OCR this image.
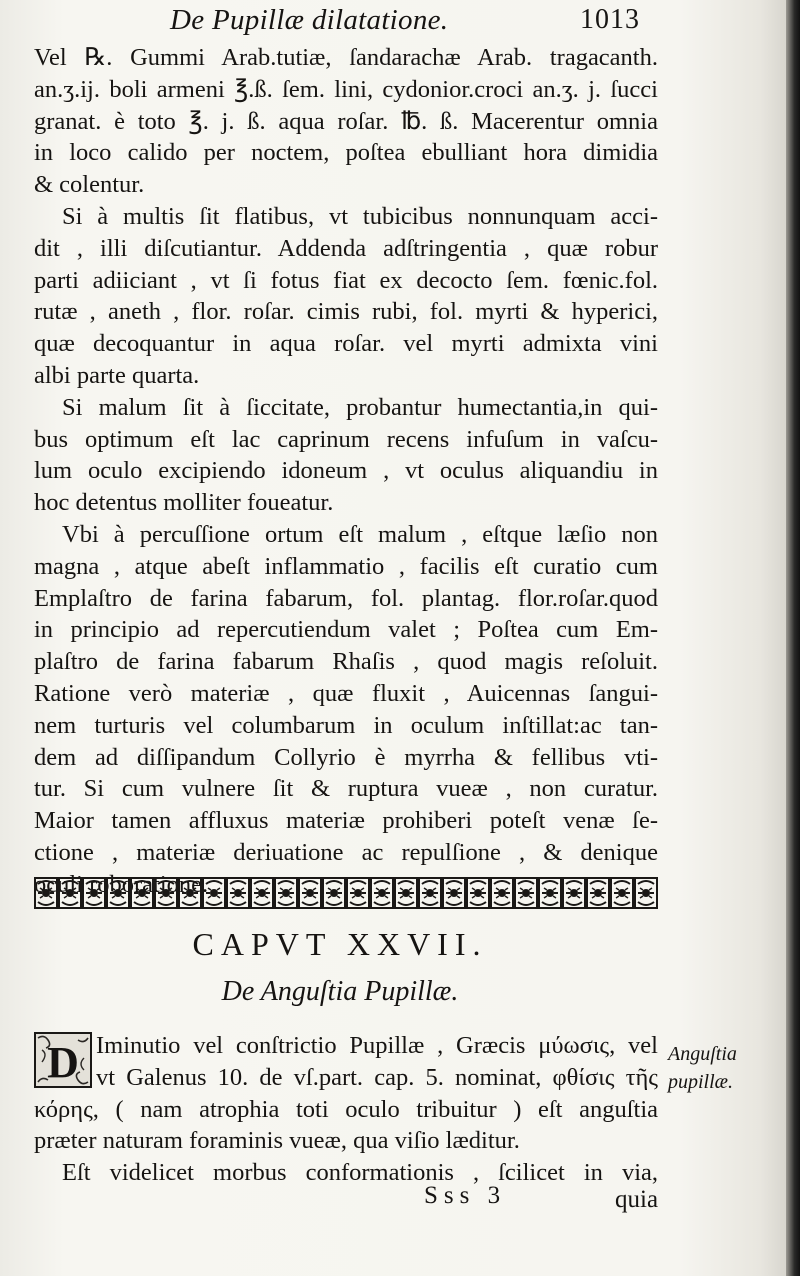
De Pupillæ dilatatione.	1013
Vel ℞. Gummi Arab.tutiæ, ſandarachæ Arab. tragacanth.
an.ʒ.ij. boli armeni ℥.ß. ſem. lini, cydonior.croci an.ʒ. j. ſucci
granat. è toto ℥. j. ß. aqua roſar. ℔. ß. Macerentur omnia
in loco calido per noctem, poſtea ebulliant hora dimidia
& colentur.
Si à multis ſit flatibus, vt tubicibus nonnunquam acci-
dit , illi diſcutiantur. Addenda adſtringentia , quæ robur
parti adiiciant , vt ſi fotus fiat ex decocto ſem. fœnic.fol.
rutæ , aneth , flor. roſar. cimis rubi, fol. myrti & hyperici,
quæ decoquantur in aqua roſar. vel myrti admixta vini
albi parte quarta.
Si malum ſit à ſiccitate, probantur humectantia,in qui-
bus optimum eſt lac caprinum recens infuſum in vaſcu-
lum oculo excipiendo idoneum , vt oculus aliquandiu in
hoc detentus molliter foueatur.
Vbi à percuſſione ortum eſt malum , eſtque læſio non
magna , atque abeſt inflammatio , facilis eſt curatio cum
Emplaſtro de farina fabarum, fol. plantag. flor.roſar.quod
in principio ad repercutiendum valet ; Poſtea cum Em-
plaſtro de farina fabarum Rhaſis , quod magis reſoluit.
Ratione verò materiæ , quæ fluxit , Auicennas ſangui-
nem turturis vel columbarum in oculum inſtillat:ac tan-
dem ad diſſipandum Collyrio è myrrha & fellibus vti-
tur. Si cum vulnere ſit & ruptura vueæ , non curatur.
Maior tamen affluxus materiæ prohiberi poteſt venæ ſe-
ctione , materiæ deriuatione ac repulſione , & denique
CAPVT XXVII.
De Anguſtia Pupillæ.
D Iminutio vel conſtrictio Pupillæ , Græcis μύωσις, vel
vt Galenus 10. de vſ.part. cap. 5. nominat, φθίσις τῆς
κόρης, ( nam atrophia toti oculo tribuitur ) eſt anguſtia
præter naturam foraminis vueæ, qua viſio læditur.
Eſt videlicet morbus conformationis , ſcilicet in via,
Anguſtia
pupillæ.
Sss 3	quia
